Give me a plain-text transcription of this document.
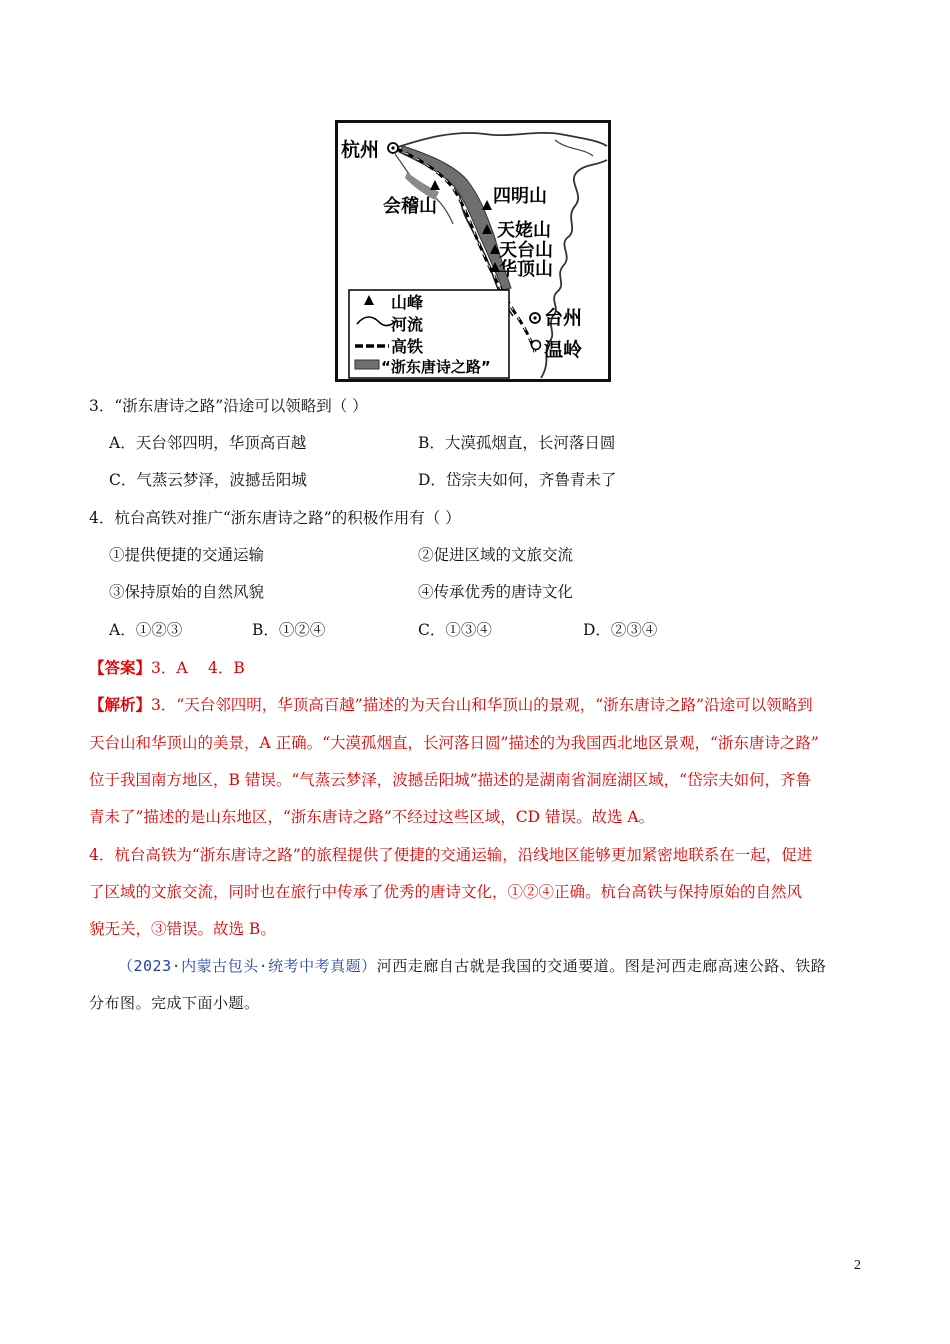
杭州
台州
温岭
会稽山	四明山
天姥山
天台山
华顶山
山峰
河流
高铁
“浙东唐诗之路”
3．“浙东唐诗之路”沿途可以领略到（ ）
A．天台邻四明，华顶高百越	B．大漠孤烟直，长河落日圆
C．气蒸云梦泽，波撼岳阳城	D．岱宗夫如何，齐鲁青未了
4．杭台高铁对推广“浙东唐诗之路”的积极作用有（ ）
①提供便捷的交通运输	②促进区域的文旅交流
③保持原始的自然风貌	④传承优秀的唐诗文化
A．①②③	B．①②④	C．①③④	D．②③④
【答案】3．A　 4．B
【解析】3．“天台邻四明，华顶高百越”描述的为天台山和华顶山的景观，“浙东唐诗之路”沿途可以领略到
天台山和华顶山的美景，A 正确。“大漠孤烟直，长河落日圆”描述的为我国西北地区景观，“浙东唐诗之路”
位于我国南方地区，B 错误。“气蒸云梦泽，波撼岳阳城”描述的是湖南省洞庭湖区域，“岱宗夫如何，齐鲁
青未了”描述的是山东地区，“浙东唐诗之路”不经过这些区域，CD 错误。故选 A。
4．杭台高铁为“浙东唐诗之路”的旅程提供了便捷的交通运输，沿线地区能够更加紧密地联系在一起，促进
了区域的文旅交流，同时也在旅行中传承了优秀的唐诗文化，①②④正确。杭台高铁与保持原始的自然风
貌无关，③错误。故选 B。
（2023·内蒙古包头·统考中考真题）河西走廊自古就是我国的交通要道。图是河西走廊高速公路、铁路
分布图。完成下面小题。
2
